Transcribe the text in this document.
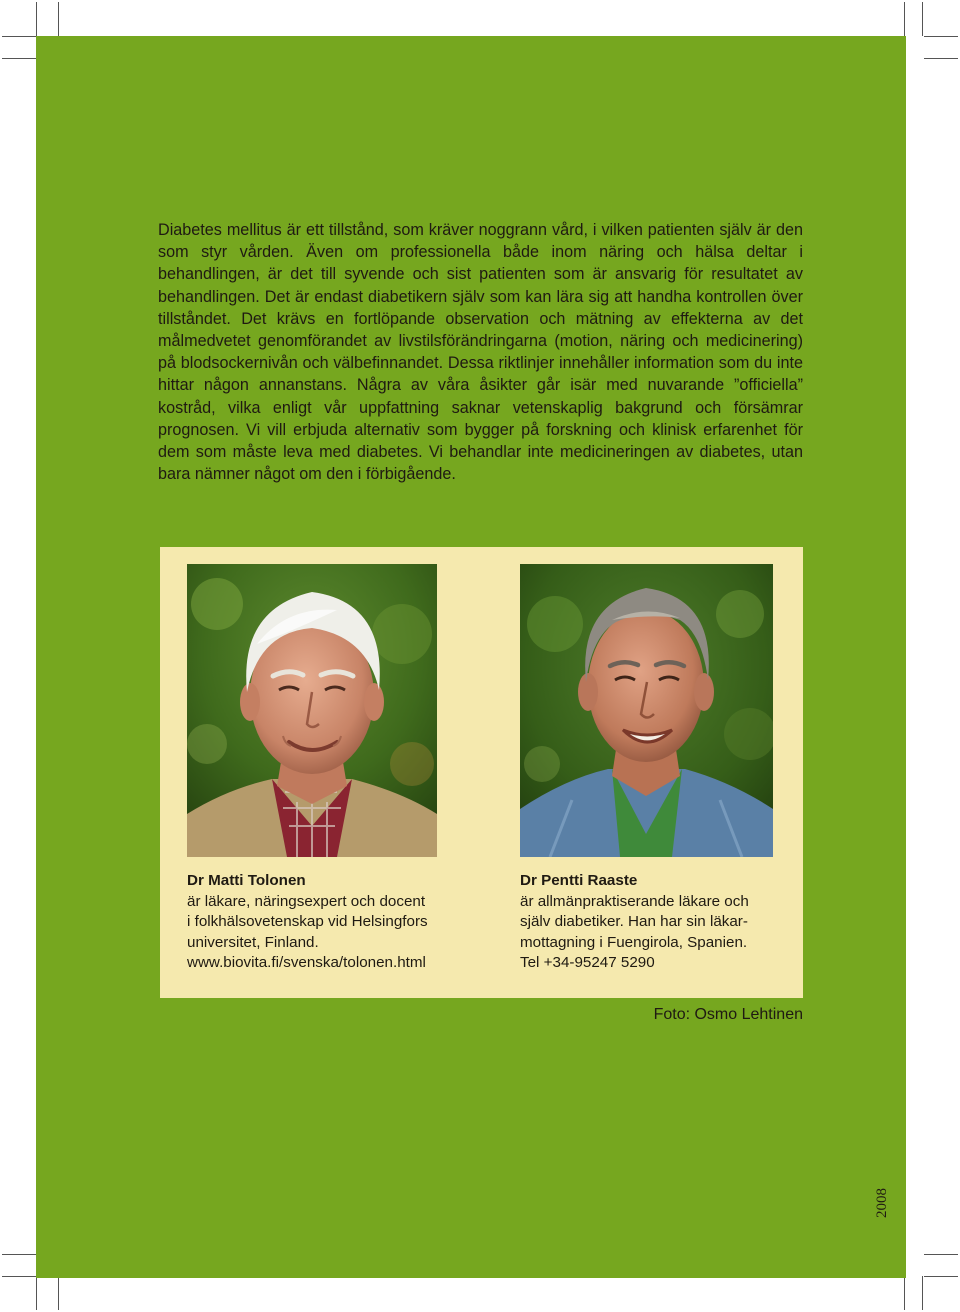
Diabetes mellitus är ett tillstånd, som kräver noggrann vård, i vilken patienten själv är den som styr vården. Även om professionella både inom näring och hälsa deltar i behandlingen, är det till syvende och sist patienten som är ansvarig för resultatet av behandlingen. Det är endast diabetikern själv som kan lära sig att handha kontrollen över tillståndet. Det krävs en fortlöpande observation och mätning av effekterna av det målmedvetet genomförandet av livstilsförändringarna (motion, näring och medicinering) på blodsockernivån och välbefinnandet. Dessa riktlinjer innehåller information som du inte hittar någon annanstans. Några av våra åsikter går isär med nuvarande ”officiella” kostråd, vilka enligt vår uppfattning saknar vetenskaplig bakgrund och försämrar prognosen. Vi vill erbjuda alternativ som bygger på forskning och klinisk erfarenhet för dem som måste leva med diabetes. Vi behandlar inte medicineringen av diabetes, utan bara nämner något om den i förbigående.

Dr Matti Tolonen
är läkare, näringsexpert och docent
i folkhälsovetenskap vid Helsingfors
universitet, Finland.
www.biovita.fi/svenska/tolonen.html
Dr Pentti Raaste
är allmänpraktiserande läkare och
själv diabetiker. Han har sin läkar-
mottagning i Fuengirola, Spanien.
Tel +34-95247 5290
Foto: Osmo Lehtinen
2008
